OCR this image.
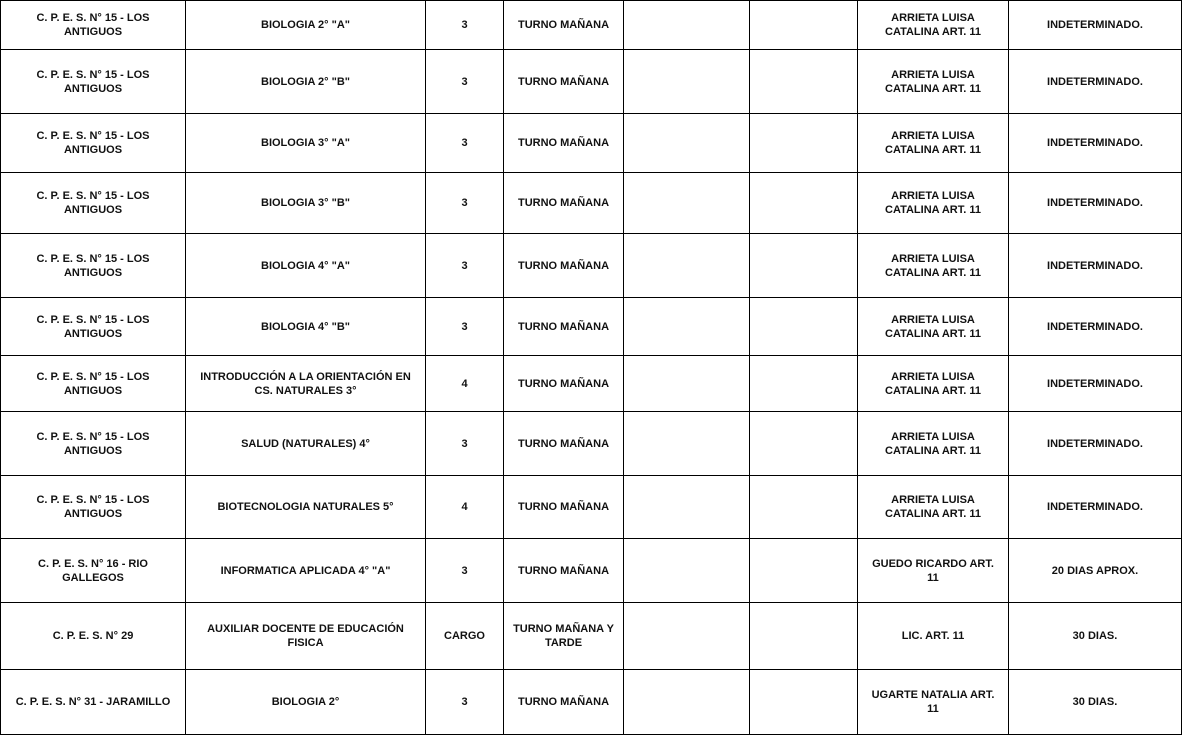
C. P. E. S. N° 15 - LOS ANTIGUOS	BIOLOGIA 2° "A"	3	TURNO MAÑANA			ARRIETA LUISA CATALINA ART. 11	INDETERMINADO.
C. P. E. S. N° 15 - LOS ANTIGUOS	BIOLOGIA 2° "B"	3	TURNO MAÑANA			ARRIETA LUISA CATALINA ART. 11	INDETERMINADO.
C. P. E. S. N° 15 - LOS ANTIGUOS	BIOLOGIA 3° "A"	3	TURNO MAÑANA			ARRIETA LUISA CATALINA ART. 11	INDETERMINADO.
C. P. E. S. N° 15 - LOS ANTIGUOS	BIOLOGIA 3° "B"	3	TURNO MAÑANA			ARRIETA LUISA CATALINA ART. 11	INDETERMINADO.
C. P. E. S. N° 15 - LOS ANTIGUOS	BIOLOGIA 4° "A"	3	TURNO MAÑANA			ARRIETA LUISA CATALINA ART. 11	INDETERMINADO.
C. P. E. S. N° 15 - LOS ANTIGUOS	BIOLOGIA 4° "B"	3	TURNO MAÑANA			ARRIETA LUISA CATALINA ART. 11	INDETERMINADO.
C. P. E. S. N° 15 - LOS ANTIGUOS	INTRODUCCIÓN A LA ORIENTACIÓN EN CS. NATURALES 3°	4	TURNO MAÑANA			ARRIETA LUISA CATALINA ART. 11	INDETERMINADO.
C. P. E. S. N° 15 - LOS ANTIGUOS	SALUD (NATURALES) 4°	3	TURNO MAÑANA			ARRIETA LUISA CATALINA ART. 11	INDETERMINADO.
C. P. E. S. N° 15 - LOS ANTIGUOS	BIOTECNOLOGIA NATURALES 5°	4	TURNO MAÑANA			ARRIETA LUISA CATALINA ART. 11	INDETERMINADO.
C. P. E. S. N° 16 - RIO GALLEGOS	INFORMATICA APLICADA 4° "A"	3	TURNO MAÑANA			GUEDO RICARDO ART. 11	20 DIAS APROX.
C. P. E. S. N° 29	AUXILIAR DOCENTE DE EDUCACIÓN FISICA	CARGO	TURNO MAÑANA Y TARDE			LIC. ART. 11	30 DIAS.
C. P. E. S. N° 31 - JARAMILLO	BIOLOGIA 2°	3	TURNO MAÑANA			UGARTE NATALIA ART. 11	30 DIAS.
